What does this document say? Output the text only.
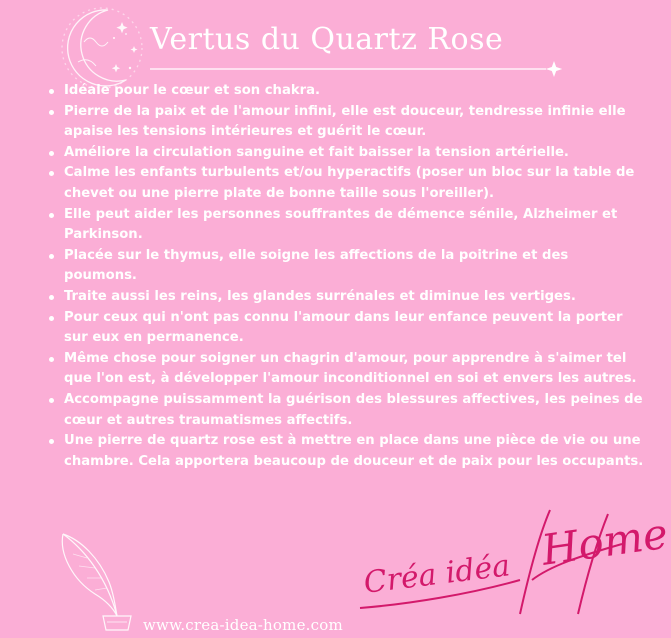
Vertus du Quartz Rose
Idéale pour le cœur et son chakra.
Pierre de la paix et de l'amour infini, elle est douceur, tendresse infinie elle apaise les tensions intérieures et guérit le cœur.
Améliore la circulation sanguine et fait baisser la tension artérielle.
Calme les enfants turbulents et/ou hyperactifs (poser un bloc sur la table de chevet ou une pierre plate de bonne taille sous l'oreiller).
Elle peut aider les personnes souffrantes de démence sénile, Alzheimer et Parkinson.
Placée sur le thymus, elle soigne les affections de la poitrine et des poumons.
Traite aussi les reins, les glandes surrénales et diminue les vertiges.
Pour ceux qui n'ont pas connu l'amour dans leur enfance peuvent la porter sur eux en permanence.
Même chose pour soigner un chagrin d'amour, pour apprendre à s'aimer tel que l'on est, à développer l'amour inconditionnel en soi et envers les autres.
Accompagne puissamment la guérison des blessures affectives, les peines de cœur et autres traumatismes affectifs.
Une pierre de quartz rose est à mettre en place dans une pièce de vie ou une chambre. Cela apportera beaucoup de douceur et de paix pour les occupants.
www.crea-idea-home.com
Créa idéa Home
